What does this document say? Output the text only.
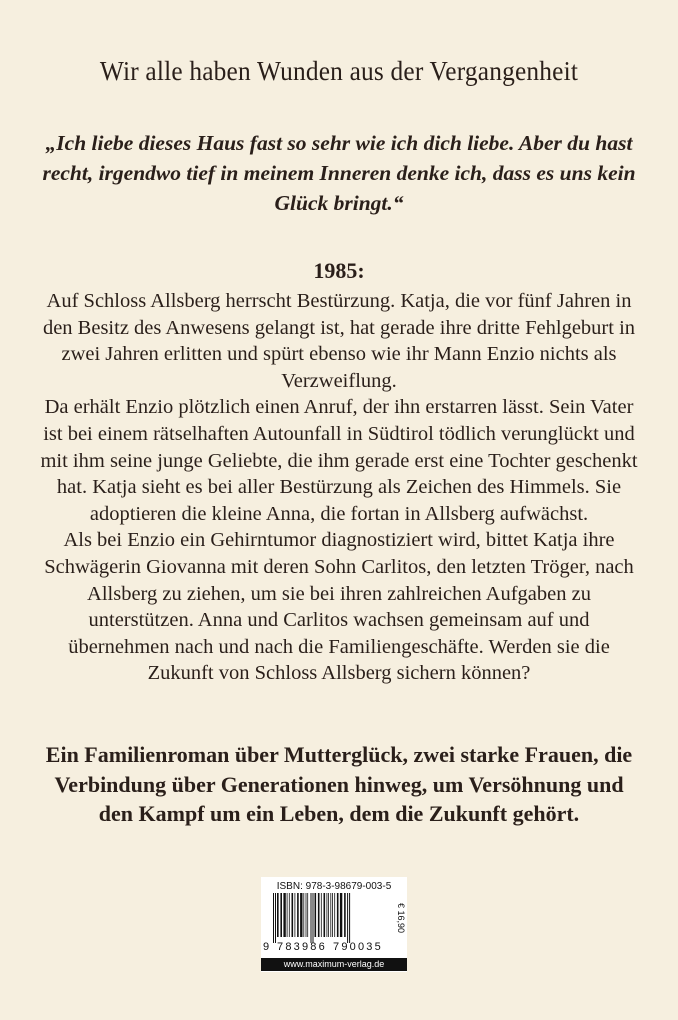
Wir alle haben Wunden aus der Vergangenheit
„Ich liebe dieses Haus fast so sehr wie ich dich liebe. Aber du hast recht, irgendwo tief in meinem Inneren denke ich, dass es uns kein Glück bringt.“
1985:

Auf Schloss Allsberg herrscht Bestürzung. Katja, die vor fünf Jahren in den Besitz des Anwesens gelangt ist, hat gerade ihre dritte Fehlgeburt in zwei Jahren erlitten und spürt ebenso wie ihr Mann Enzio nichts als Verzweiflung.

Da erhält Enzio plötzlich einen Anruf, der ihn erstarren lässt. Sein Vater ist bei einem rätselhaften Autounfall in Südtirol tödlich verunglückt und mit ihm seine junge Geliebte, die ihm gerade erst eine Tochter geschenkt hat. Katja sieht es bei aller Bestürzung als Zeichen des Himmels. Sie adoptieren die kleine Anna, die fortan in Allsberg aufwächst.

Als bei Enzio ein Gehirntumor diagnostiziert wird, bittet Katja ihre Schwägerin Giovanna mit deren Sohn Carlitos, den letzten Tröger, nach Allsberg zu ziehen, um sie bei ihren zahlreichen Aufgaben zu unterstützen. Anna und Carlitos wachsen gemeinsam auf und übernehmen nach und nach die Familiengeschäfte. Werden sie die Zukunft von Schloss Allsberg sichern können?

Ein Familienroman über Mutterglück, zwei starke Frauen, die Verbindung über Generationen hinweg, um Versöhnung und den Kampf um ein Leben, dem die Zukunft gehört.
ISBN: 978-3-98679-003-5
€ 16,90
9 783986 790035
www.maximum-verlag.de
